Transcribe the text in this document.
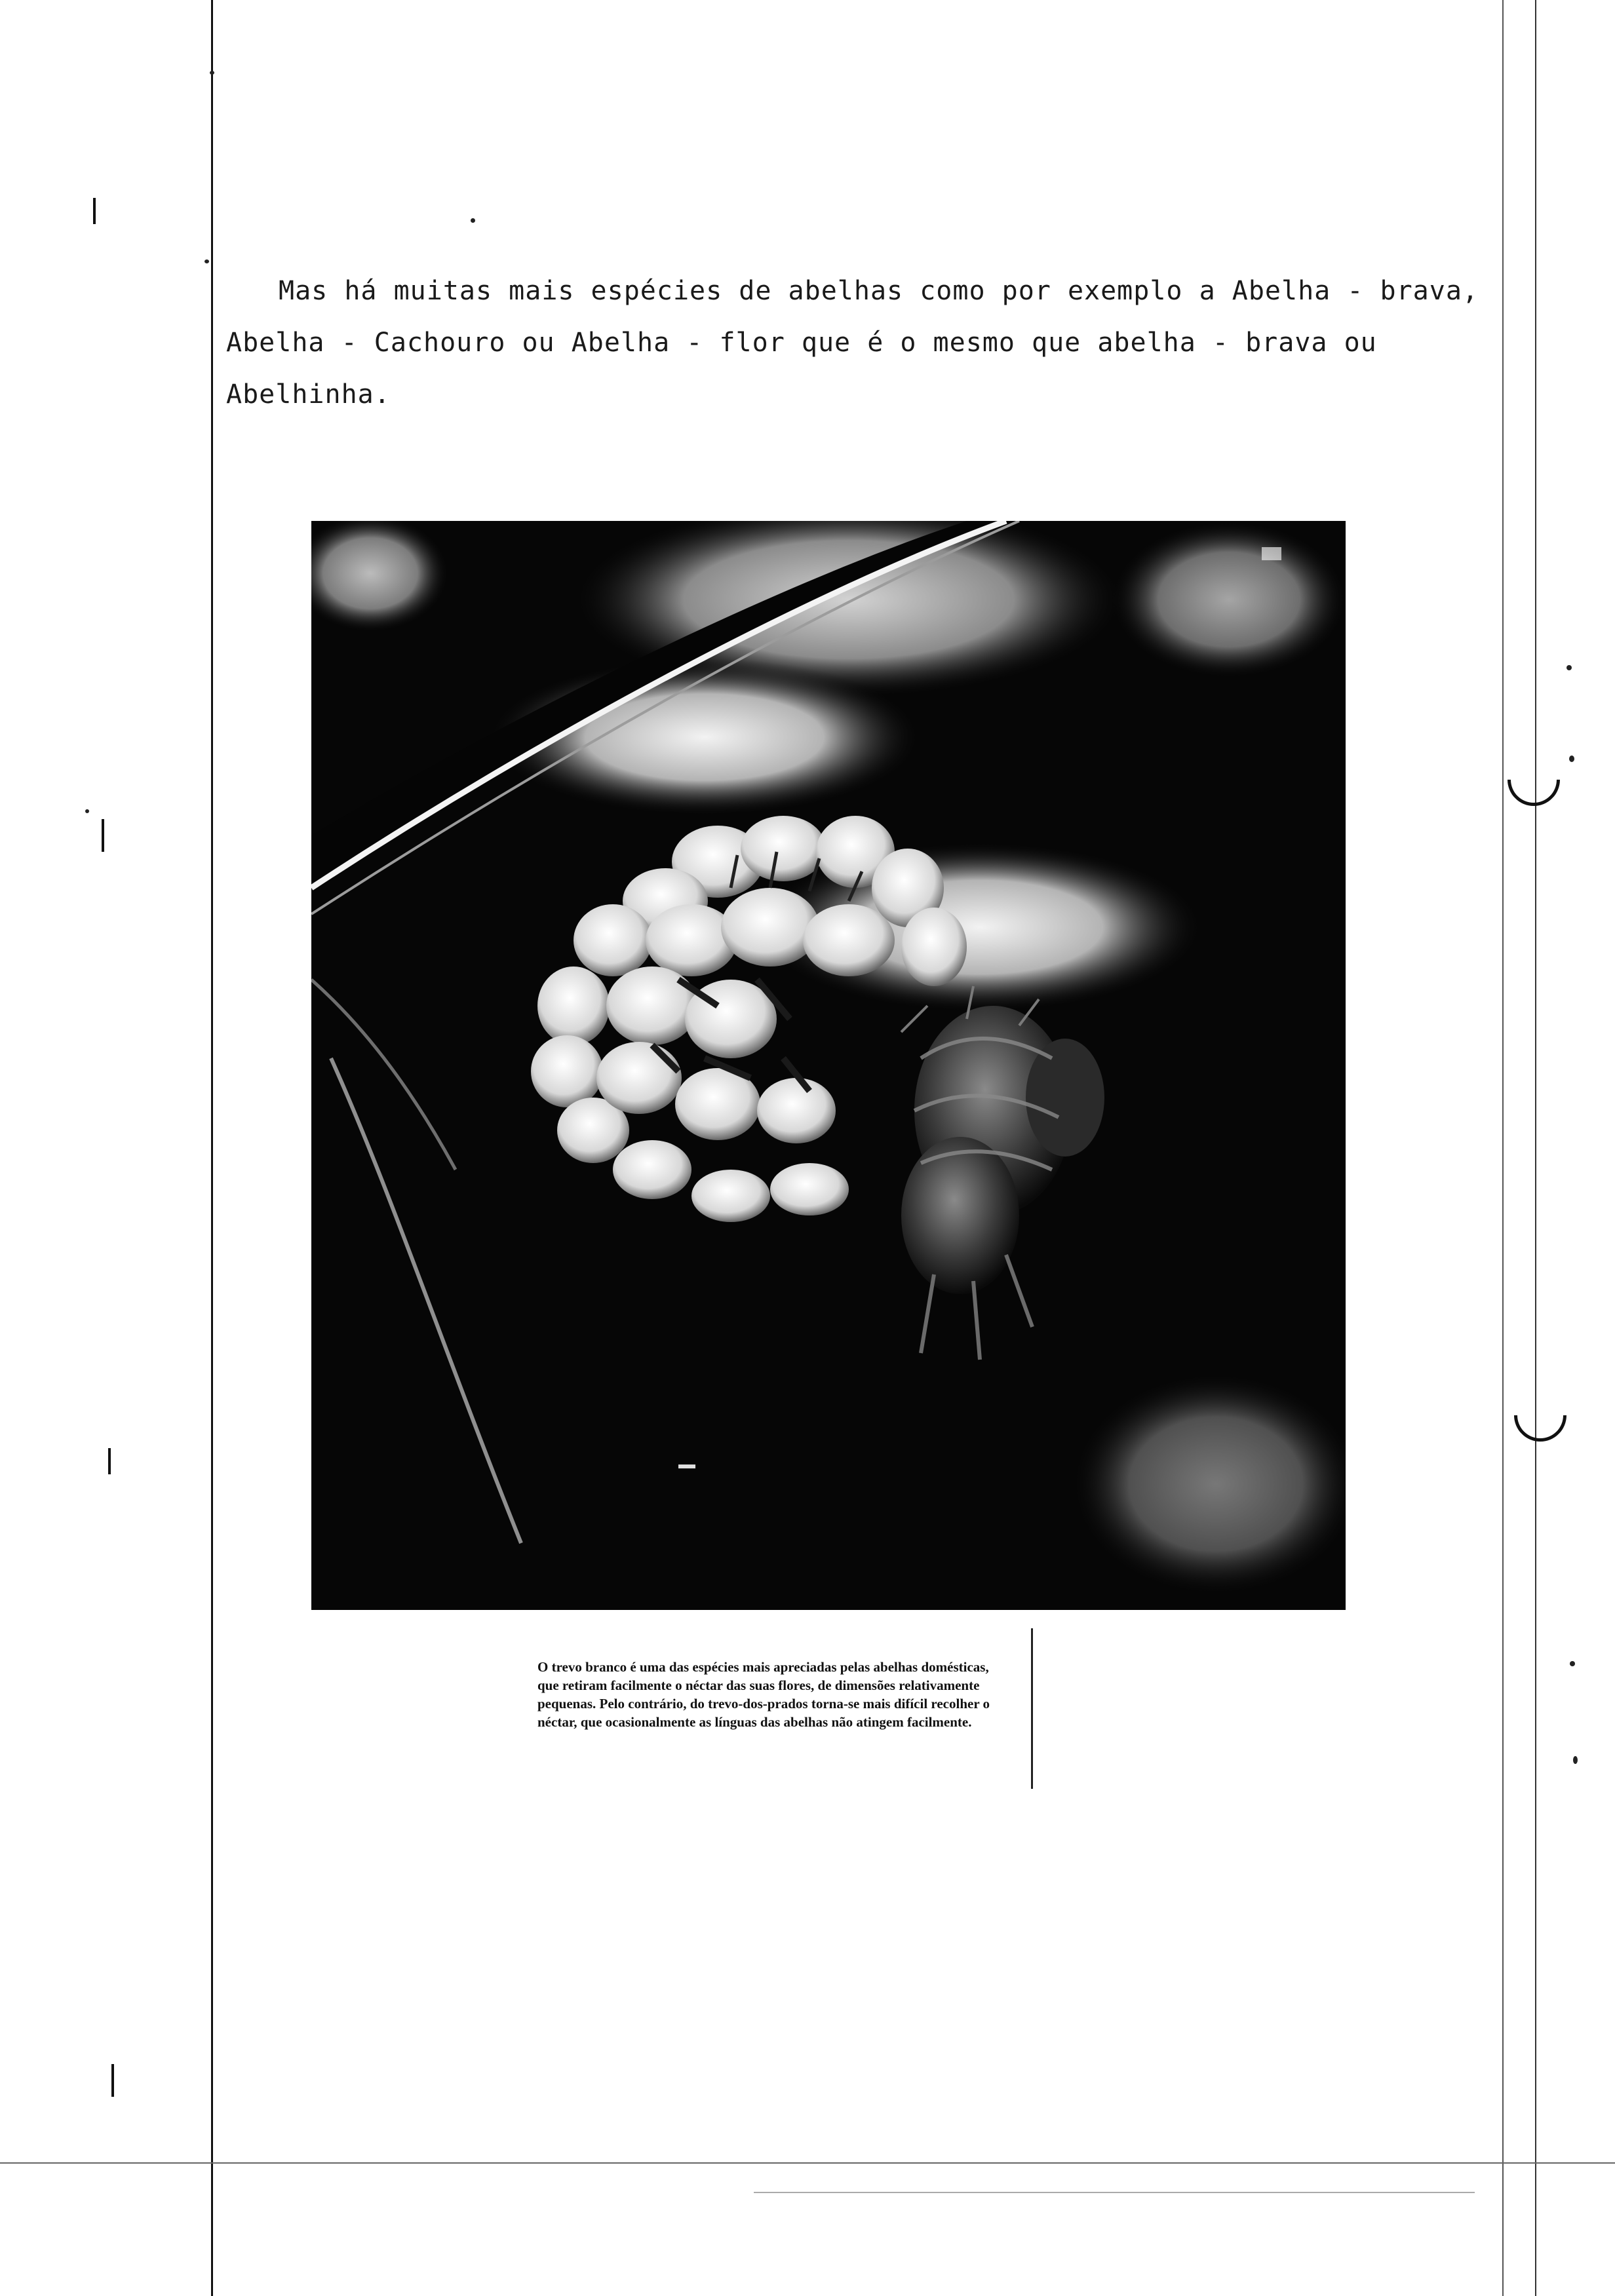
Mas há muitas mais espécies de abelhas como por exemplo a Abelha - brava, Abelha - Cachouro ou Abelha - flor que é o mesmo que abelha - brava ou Abelhinha.
O trevo branco é uma das espécies mais apreciadas pelas abelhas domésticas, que retiram facilmente o néctar das suas flores, de dimensões relativamente pequenas. Pelo contrário, do trevo-dos-prados torna-se mais difícil recolher o néctar, que ocasionalmente as línguas das abelhas não atingem facilmente.
